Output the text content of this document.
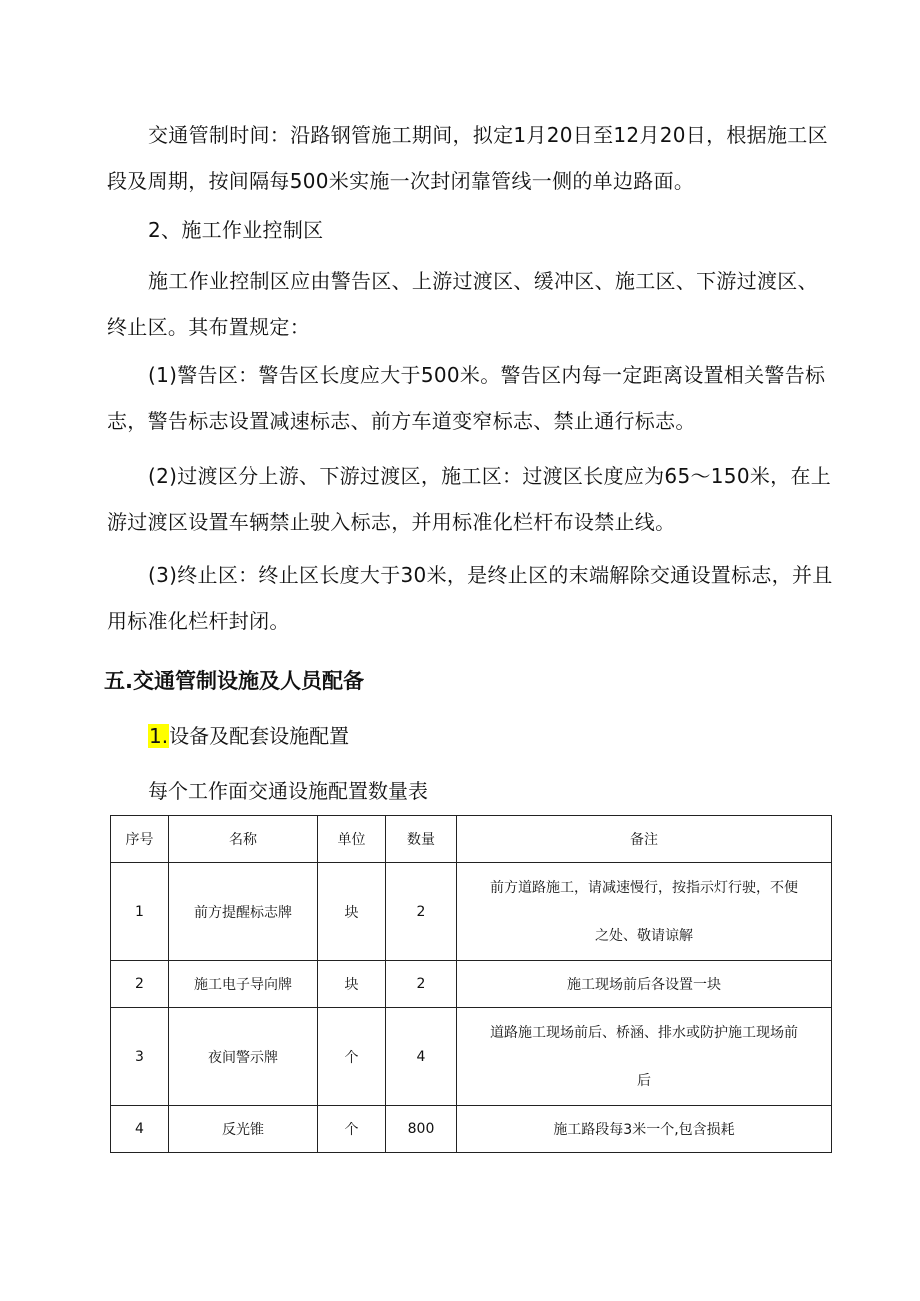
交通管制时间：沿路钢管施工期间，拟定1月20日至12月20日，根据施工区段及周期，按间隔每500米实施一次封闭靠管线一侧的单边路面。

2、施工作业控制区

施工作业控制区应由警告区、上游过渡区、缓冲区、施工区、下游过渡区、终止区。其布置规定：

(1)警告区：警告区长度应大于500米。警告区内每一定距离设置相关警告标志，警告标志设置减速标志、前方车道变窄标志、禁止通行标志。

(2)过渡区分上游、下游过渡区，施工区：过渡区长度应为65～150米，在上游过渡区设置车辆禁止驶入标志，并用标准化栏杆布设禁止线。

(3)终止区：终止区长度大于30米，是终止区的末端解除交通设置标志，并且用标准化栏杆封闭。

五.交通管制设施及人员配备

1.设备及配套设施配置

每个工作面交通设施配置数量表

序号	名称	单位	数量	备注
1	前方提醒标志牌	块	2	前方道路施工，请减速慢行，按指示灯行驶，不便
之处、敬请谅解
2	施工电子导向牌	块	2	施工现场前后各设置一块
3	夜间警示牌	个	4	道路施工现场前后、桥涵、排水或防护施工现场前
后
4	反光锥	个	800	施工路段每3米一个,包含损耗
